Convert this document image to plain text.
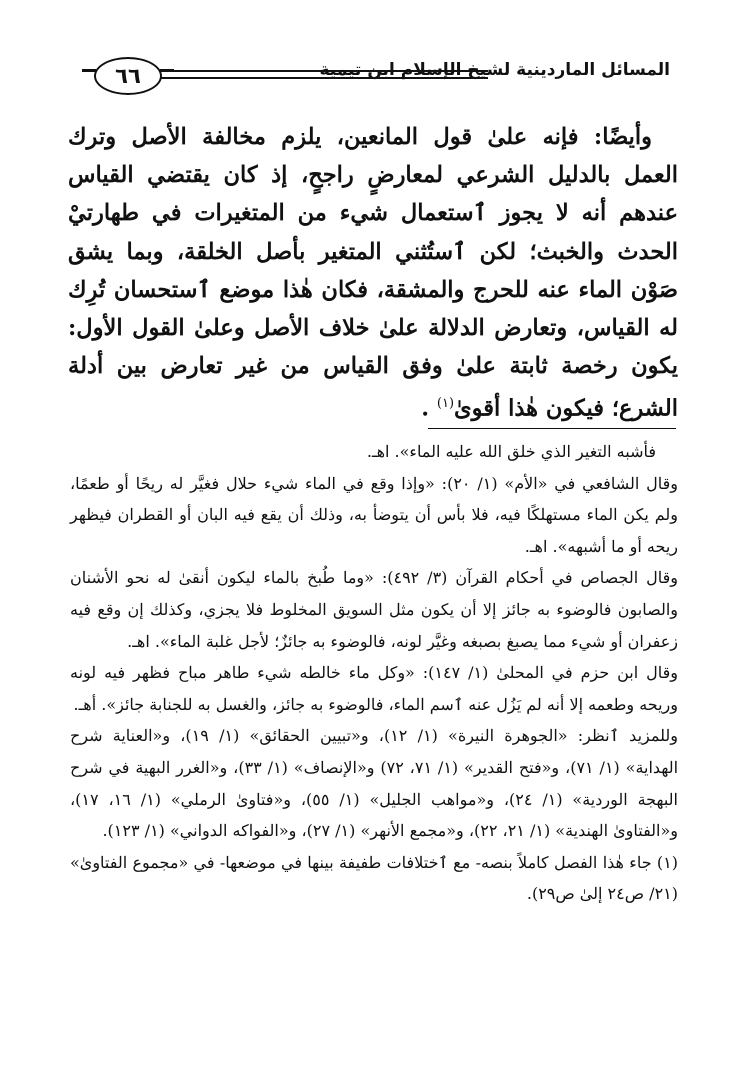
المسائل الماردينية لشيخ الإسلام ابن تيمية
٦٦

وأيضًا: فإنه علىٰ قول المانعين، يلزم مخالفة الأصل وترك العمل بالدليل الشرعي لمعارضٍ راجحٍ، إذ كان يقتضي القياس عندهم أنه لا يجوز ٱستعمال شيء من المتغيرات في طهارتيْ الحدث والخبث؛ لكن ٱستُثني المتغير بأصل الخلقة، وبما يشق صَوْن الماء عنه للحرج والمشقة، فكان هٰذا موضع ٱستحسان تُرِك له القياس، وتعارض الدلالة علىٰ خلاف الأصل وعلىٰ القول الأول: يكون رخصة ثابتة علىٰ وفق القياس من غير تعارض بين أدلة الشرع؛ فيكون هٰذا أقوىٰ$^{(١)}$ .

فأشبه التغير الذي خلق الله عليه الماء». اهـ.

وقال الشافعي في «الأم» (١/ ٢٠): «وإذا وقع في الماء شيء حلال فغيَّر له ريحًا أو طعمًا، ولم يكن الماء مستهلكًا فيه، فلا بأس أن يتوضأ به، وذلك أن يقع فيه البان أو القطران فيظهر ريحه أو ما أشبهه». اهـ.

وقال الجصاص في أحكام القرآن (٣/ ٤٩٢): «وما طُبخ بالماء ليكون أنقىٰ له نحو الأشنان والصابون فالوضوء به جائز إلا أن يكون مثل السويق المخلوط فلا يجزي، وكذلك إن وقع فيه زعفران أو شيء مما يصبغ بصبغه وغيَّر لونه، فالوضوء به جائزٌ؛ لأجل غلبة الماء». اهـ.

وقال ابن حزم في المحلىٰ (١/ ١٤٧): «وكل ماء خالطه شيء طاهر مباح فظهر فيه لونه وريحه وطعمه إلا أنه لم يَزُل عنه ٱسم الماء، فالوضوء به جائز، والغسل به للجنابة جائز». أهـ.

وللمزيد ٱنظر: «الجوهرة النيرة» (١/ ١٢)، و«تبيين الحقائق» (١/ ١٩)، و«العناية شرح الهداية» (١/ ٧١)، و«فتح القدير» (١/ ٧١، ٧٢) و«الإنصاف» (١/ ٣٣)، و«الغرر البهية في شرح البهجة الوردية» (١/ ٢٤)، و«مواهب الجليل» (١/ ٥٥)، و«فتاوىٰ الرملي» (١/ ١٦، ١٧)، و«الفتاوىٰ الهندية» (١/ ٢١، ٢٢)، و«مجمع الأنهر» (١/ ٢٧)، و«الفواكه الدواني» (١/ ١٢٣).

(١) جاء هٰذا الفصل كاملاً بنصه- مع ٱختلافات طفيفة بينها في موضعها- في «مجموع الفتاوىٰ» (٢١/ ص٢٤ إلىٰ ص٢٩).
